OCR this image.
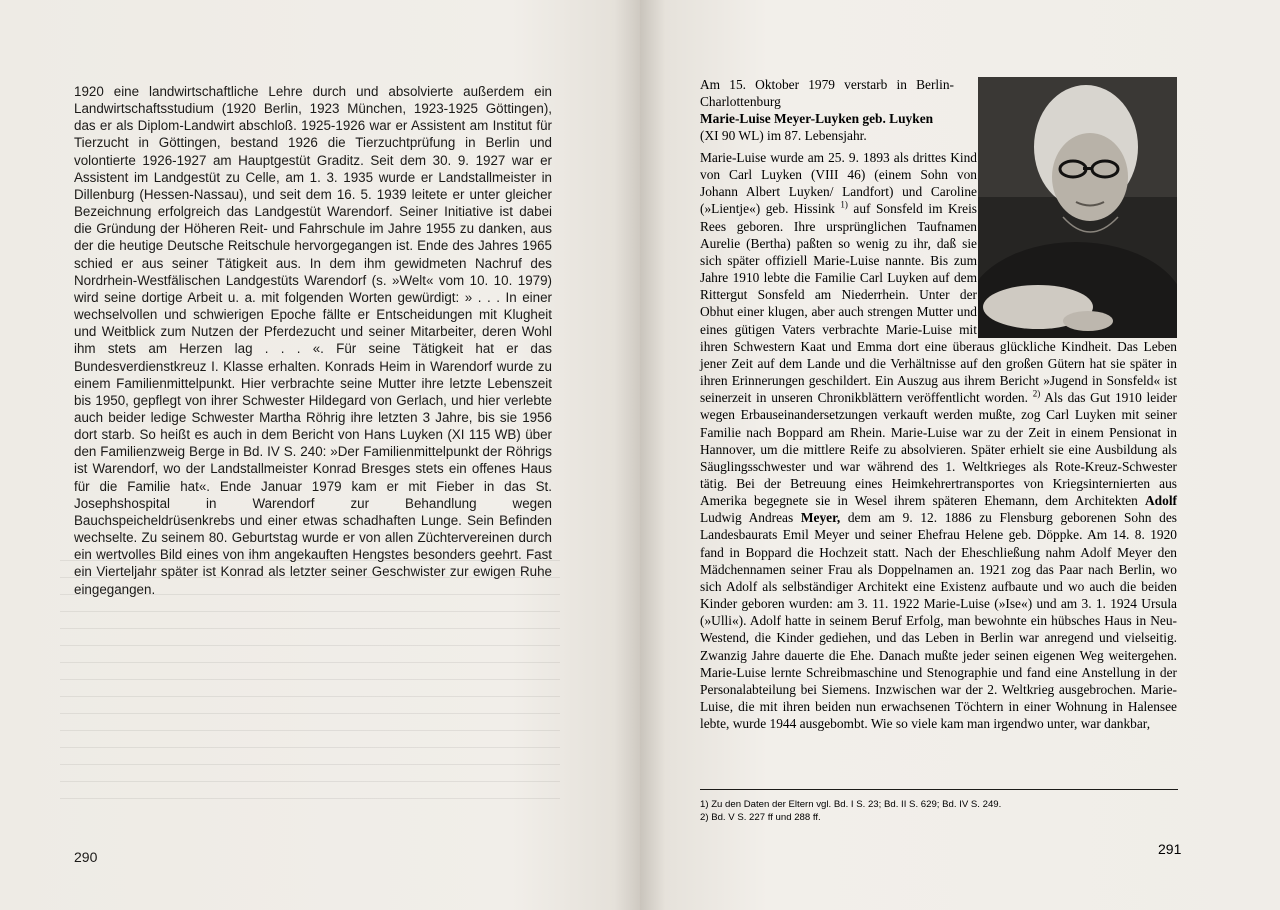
1920 eine landwirtschaftliche Lehre durch und absolvierte außerdem ein Landwirtschaftsstudium (1920 Berlin, 1923 München, 1923-1925 Göttingen), das er als Diplom-Landwirt abschloß. 1925-1926 war er Assistent am Institut für Tierzucht in Göttingen, bestand 1926 die Tierzuchtprüfung in Berlin und volontierte 1926-1927 am Hauptgestüt Graditz. Seit dem 30. 9. 1927 war er Assistent im Landgestüt zu Celle, am 1. 3. 1935 wurde er Landstallmeister in Dillenburg (Hessen-Nassau), und seit dem 16. 5. 1939 leitete er unter gleicher Bezeichnung erfolgreich das Landgestüt Warendorf. Seiner Initiative ist dabei die Gründung der Höheren Reit- und Fahrschule im Jahre 1955 zu danken, aus der die heutige Deutsche Reitschule hervorgegangen ist. Ende des Jahres 1965 schied er aus seiner Tätigkeit aus. In dem ihm gewidmeten Nachruf des Nordrhein-Westfälischen Landgestüts Warendorf (s. »Welt« vom 10. 10. 1979) wird seine dortige Arbeit u. a. mit folgenden Worten gewürdigt: » . . . In einer wechselvollen und schwierigen Epoche fällte er Entscheidungen mit Klugheit und Weitblick zum Nutzen der Pferdezucht und seiner Mitarbeiter, deren Wohl ihm stets am Herzen lag . . . «. Für seine Tätigkeit hat er das Bundesverdienstkreuz I. Klasse erhalten. Konrads Heim in Warendorf wurde zu einem Familienmittelpunkt. Hier verbrachte seine Mutter ihre letzte Lebenszeit bis 1950, gepflegt von ihrer Schwester Hildegard von Gerlach, und hier verlebte auch beider ledige Schwester Martha Röhrig ihre letzten 3 Jahre, bis sie 1956 dort starb. So heißt es auch in dem Bericht von Hans Luyken (XI 115 WB) über den Familienzweig Berge in Bd. IV S. 240: »Der Familienmittelpunkt der Röhrigs ist Warendorf, wo der Landstallmeister Konrad Bresges stets ein offenes Haus für die Familie hat«. Ende Januar 1979 kam er mit Fieber in das St. Josephshospital in Warendorf zur Behandlung wegen Bauchspeicheldrüsenkrebs und einer etwas schadhaften Lunge. Sein Befinden wechselte. Zu seinem 80. Geburtstag wurde er von allen Züchtervereinen durch ein wertvolles Bild eines von ihm angekauften Hengstes besonders geehrt. Fast ein Vierteljahr später ist Konrad als letzter seiner Geschwister zur ewigen Ruhe eingegangen.

290
Am 15. Oktober 1979 verstarb in Berlin-Charlottenburg
Marie-Luise Meyer-Luyken geb. Luyken
(XI 90 WL) im 87. Lebensjahr.

Marie-Luise wurde am 25. 9. 1893 als drittes Kind von Carl Luyken (VIII 46) (einem Sohn von Johann Albert Luyken/ Landfort) und Caroline (»Lientje«) geb. Hissink $^{1)}$ auf Sonsfeld im Kreis Rees geboren. Ihre ursprünglichen Taufnamen Aurelie (Bertha) paßten so wenig zu ihr, daß sie sich später offiziell Marie-Luise nannte. Bis zum Jahre 1910 lebte die Familie Carl Luyken auf dem Rittergut Sonsfeld am Niederrhein. Unter der Obhut einer klugen, aber auch strengen Mutter und eines gütigen Vaters verbrachte Marie-Luise mit ihren Schwestern Kaat und Emma dort eine überaus glückliche Kindheit. Das Leben jener Zeit auf dem Lande und die Verhältnisse auf den großen Gütern hat sie später in ihren Erinnerungen geschildert. Ein Auszug aus ihrem Bericht »Jugend in Sonsfeld« ist seinerzeit in unseren Chronikblättern veröffentlicht worden. $^{2)}$ Als das Gut 1910 leider wegen Erbauseinandersetzungen verkauft werden mußte, zog Carl Luyken mit seiner Familie nach Boppard am Rhein. Marie-Luise war zu der Zeit in einem Pensionat in Hannover, um die mittlere Reife zu absolvieren. Später erhielt sie eine Ausbildung als Säuglingsschwester und war während des 1. Weltkrieges als Rote-Kreuz-Schwester tätig. Bei der Betreuung eines Heimkehrertransportes von Kriegsinternierten aus Amerika begegnete sie in Wesel ihrem späteren Ehemann, dem Architekten Adolf Ludwig Andreas Meyer, dem am 9. 12. 1886 zu Flensburg geborenen Sohn des Landesbaurats Emil Meyer und seiner Ehefrau Helene geb. Döppke. Am 14. 8. 1920 fand in Boppard die Hochzeit statt. Nach der Eheschließung nahm Adolf Meyer den Mädchennamen seiner Frau als Doppelnamen an. 1921 zog das Paar nach Berlin, wo sich Adolf als selbständiger Architekt eine Existenz aufbaute und wo auch die beiden Kinder geboren wurden: am 3. 11. 1922 Marie-Luise (»Ise«) und am 3. 1. 1924 Ursula (»Ulli«). Adolf hatte in seinem Beruf Erfolg, man bewohnte ein hübsches Haus in Neu-Westend, die Kinder gediehen, und das Leben in Berlin war anregend und vielseitig. Zwanzig Jahre dauerte die Ehe. Danach mußte jeder seinen eigenen Weg weitergehen. Marie-Luise lernte Schreibmaschine und Stenographie und fand eine Anstellung in der Personalabteilung bei Siemens. Inzwischen war der 2. Weltkrieg ausgebrochen. Marie-Luise, die mit ihren beiden nun erwachsenen Töchtern in einer Wohnung in Halensee lebte, wurde 1944 ausgebombt. Wie so viele kam man irgendwo unter, war dankbar,

1) Zu den Daten der Eltern vgl. Bd. I S. 23; Bd. II S. 629; Bd. IV S. 249.

2) Bd. V S. 227 ff und 288 ff.

291
